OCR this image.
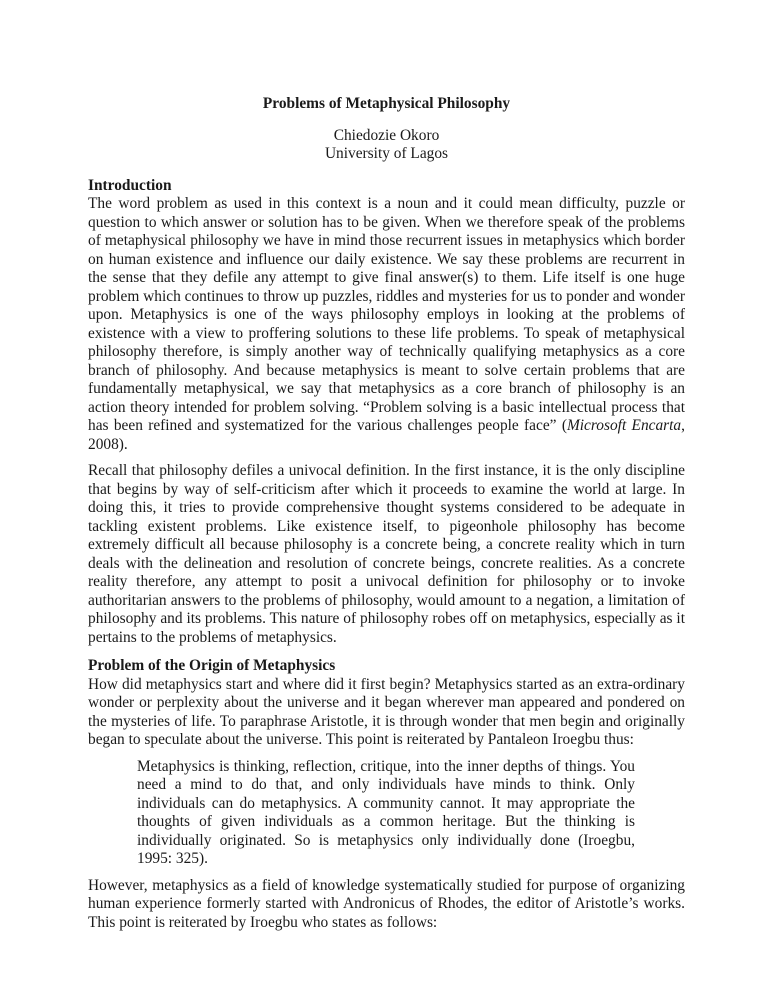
Problems of Metaphysical Philosophy

Chiedozie Okoro

University of Lagos

Introduction

The word problem as used in this context is a noun and it could mean difficulty, puzzle or question to which answer or solution has to be given. When we therefore speak of the problems of metaphysical philosophy we have in mind those recurrent issues in metaphysics which border on human existence and influence our daily existence. We say these problems are recurrent in the sense that they defile any attempt to give final answer(s) to them. Life itself is one huge problem which continues to throw up puzzles, riddles and mysteries for us to ponder and wonder upon. Metaphysics is one of the ways philosophy employs in looking at the problems of existence with a view to proffering solutions to these life problems. To speak of metaphysical philosophy therefore, is simply another way of technically qualifying metaphysics as a core branch of philosophy. And because metaphysics is meant to solve certain problems that are fundamentally metaphysical, we say that metaphysics as a core branch of philosophy is an action theory intended for problem solving. “Problem solving is a basic intellectual process that has been refined and systematized for the various challenges people face” (Microsoft Encarta, 2008).

Recall that philosophy defiles a univocal definition. In the first instance, it is the only discipline that begins by way of self-criticism after which it proceeds to examine the world at large. In doing this, it tries to provide comprehensive thought systems considered to be adequate in tackling existent problems. Like existence itself, to pigeonhole philosophy has become extremely difficult all because philosophy is a concrete being, a concrete reality which in turn deals with the delineation and resolution of concrete beings, concrete realities. As a concrete reality therefore, any attempt to posit a univocal definition for philosophy or to invoke authoritarian answers to the problems of philosophy, would amount to a negation, a limitation of philosophy and its problems. This nature of philosophy robes off on metaphysics, especially as it pertains to the problems of metaphysics.

Problem of the Origin of Metaphysics

How did metaphysics start and where did it first begin? Metaphysics started as an extra-ordinary wonder or perplexity about the universe and it began wherever man appeared and pondered on the mysteries of life. To paraphrase Aristotle, it is through wonder that men begin and originally began to speculate about the universe. This point is reiterated by Pantaleon Iroegbu thus:

Metaphysics is thinking, reflection, critique, into the inner depths of things. You need a mind to do that, and only individuals have minds to think. Only individuals can do metaphysics. A community cannot. It may appropriate the thoughts of given individuals as a common heritage. But the thinking is individually originated. So is metaphysics only individually done (Iroegbu, 1995: 325).

However, metaphysics as a field of knowledge systematically studied for purpose of organizing human experience formerly started with Andronicus of Rhodes, the editor of Aristotle’s works. This point is reiterated by Iroegbu who states as follows:
